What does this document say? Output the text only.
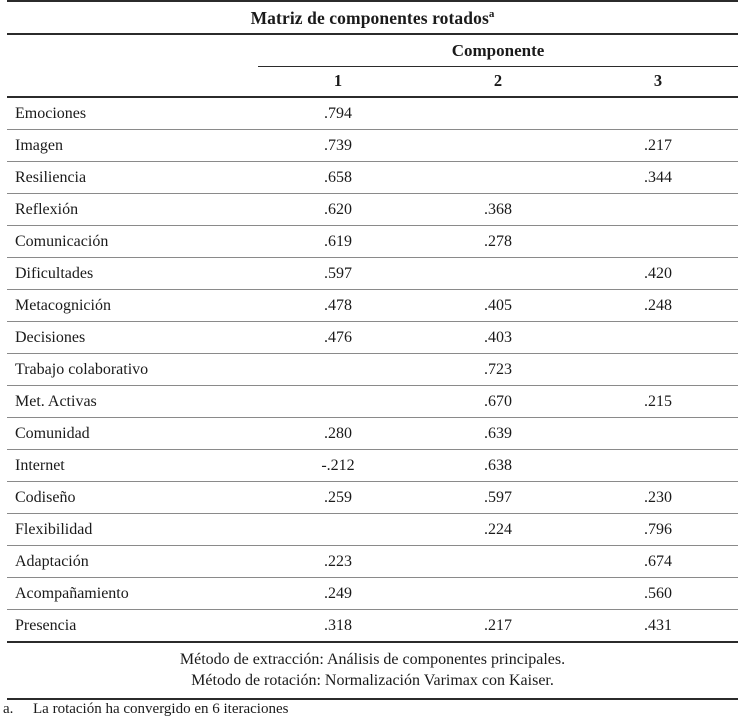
Matriz de componentes rotados$^a$
	Componente		
	1	2	3
Emociones	.794		
Imagen	.739		.217
Resiliencia	.658		.344
Reflexión	.620	.368	
Comunicación	.619	.278	
Dificultades	.597		.420
Metacognición	.478	.405	.248
Decisiones	.476	.403	
Trabajo colaborativo		.723	
Met. Activas		.670	.215
Comunidad	.280	.639	
Internet	-.212	.638	
Codiseño	.259	.597	.230
Flexibilidad		.224	.796
Adaptación	.223		.674
Acompañamiento	.249		.560
Presencia	.318	.217	.431

Método de extracción: Análisis de componentes principales.
Método de rotación: Normalización Varimax con Kaiser.			
a. La rotación ha convergido en 6 iteraciones
